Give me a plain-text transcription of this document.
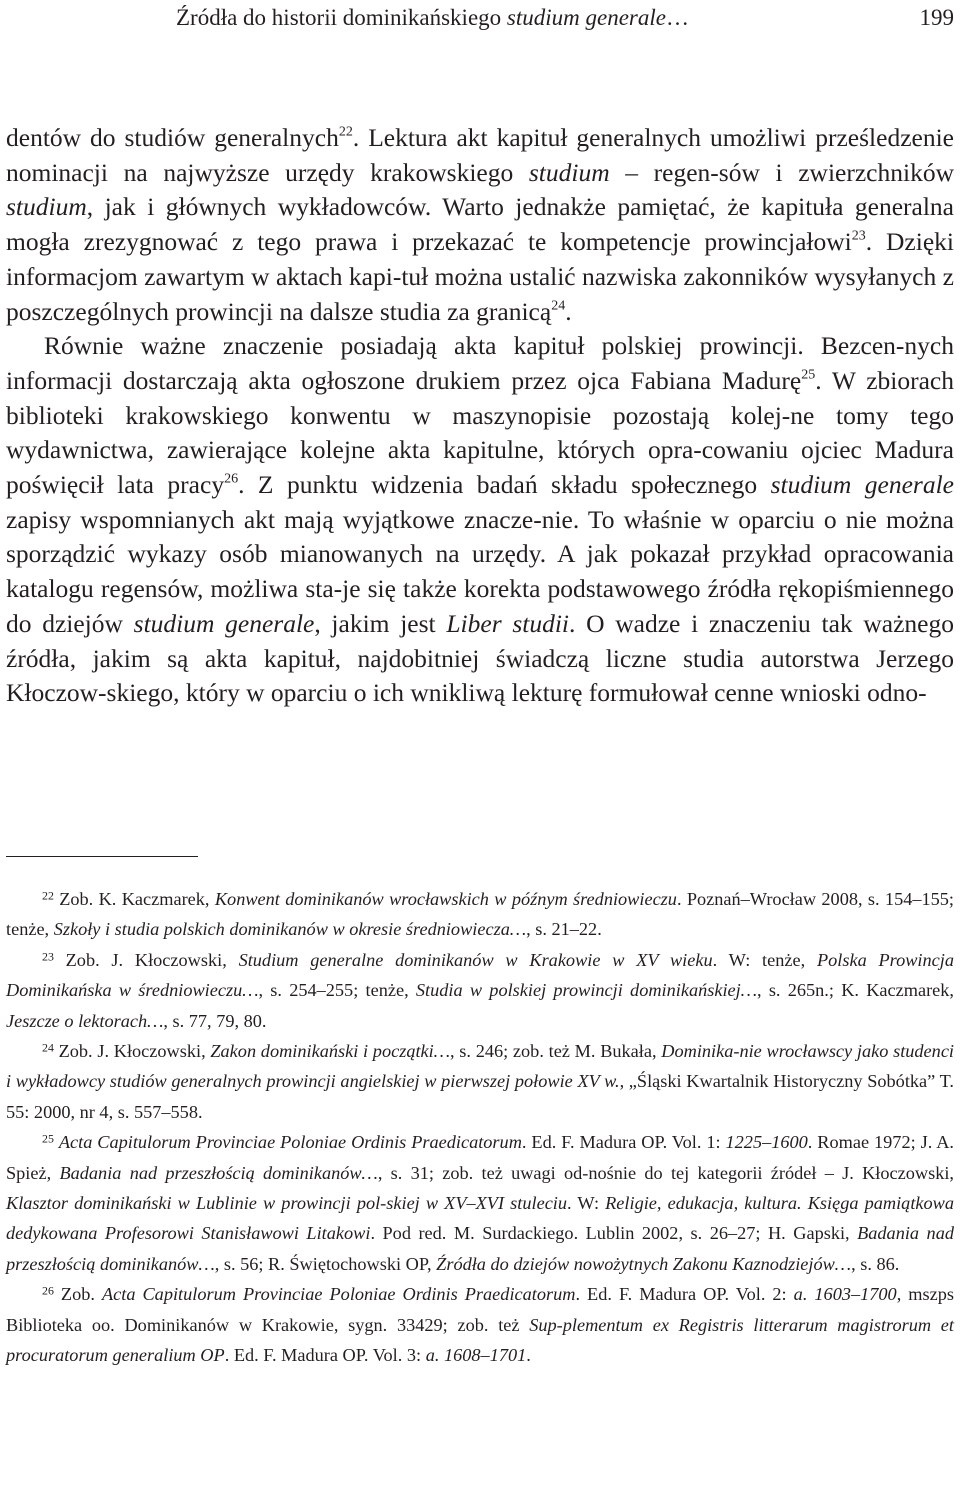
Źródła do historii dominikańskiego studium generale…	199

dentów do studiów generalnych$^{22}$. Lektura akt kapituł generalnych umożliwi prześledzenie nominacji na najwyższe urzędy krakowskiego studium – regen-sów i zwierzchników studium, jak i głównych wykładowców. Warto jednakże pamiętać, że kapituła generalna mogła zrezygnować z tego prawa i przekazać te kompetencje prowincjałowi$^{23}$. Dzięki informacjom zawartym w aktach kapi-tuł można ustalić nazwiska zakonników wysyłanych z poszczególnych prowincji na dalsze studia za granicą$^{24}$.

Równie ważne znaczenie posiadają akta kapituł polskiej prowincji. Bezcen-nych informacji dostarczają akta ogłoszone drukiem przez ojca Fabiana Madurę$^{25}$. W zbiorach biblioteki krakowskiego konwentu w maszynopisie pozostają kolej-ne tomy tego wydawnictwa, zawierające kolejne akta kapitulne, których opra-cowaniu ojciec Madura poświęcił lata pracy$^{26}$. Z punktu widzenia badań składu społecznego studium generale zapisy wspomnianych akt mają wyjątkowe znacze-nie. To właśnie w oparciu o nie można sporządzić wykazy osób mianowanych na urzędy. A jak pokazał przykład opracowania katalogu regensów, możliwa sta-je się także korekta podstawowego źródła rękopiśmiennego do dziejów studium generale, jakim jest Liber studii. O wadze i znaczeniu tak ważnego źródła, jakim są akta kapituł, najdobitniej świadczą liczne studia autorstwa Jerzego Kłoczow-skiego, który w oparciu o ich wnikliwą lekturę formułował cenne wnioski odno-

$^{22}$ Zob. K. Kaczmarek, Konwent dominikanów wrocławskich w późnym średniowieczu. Poznań–Wrocław 2008, s. 154–155; tenże, Szkoły i studia polskich dominikanów w okresie średniowiecza…, s. 21–22.

$^{23}$ Zob. J. Kłoczowski, Studium generalne dominikanów w Krakowie w XV wieku. W: tenże, Polska Prowincja Dominikańska w średniowieczu…, s. 254–255; tenże, Studia w polskiej prowincji dominikańskiej…, s. 265n.; K. Kaczmarek, Jeszcze o lektorach…, s. 77, 79, 80.

$^{24}$ Zob. J. Kłoczowski, Zakon dominikański i początki…, s. 246; zob. też M. Bukała, Dominika-nie wrocławscy jako studenci i wykładowcy studiów generalnych prowincji angielskiej w pierwszej połowie XV w., „Śląski Kwartalnik Historyczny Sobótka” T. 55: 2000, nr 4, s. 557–558.

$^{25}$ Acta Capitulorum Provinciae Poloniae Ordinis Praedicatorum. Ed. F. Madura OP. Vol. 1: 1225–1600. Romae 1972; J. A. Spież, Badania nad przeszłością dominikanów…, s. 31; zob. też uwagi od-nośnie do tej kategorii źródeł – J. Kłoczowski, Klasztor dominikański w Lublinie w prowincji pol-skiej w XV–XVI stuleciu. W: Religie, edukacja, kultura. Księga pamiątkowa dedykowana Profesorowi Stanisławowi Litakowi. Pod red. M. Surdackiego. Lublin 2002, s. 26–27; H. Gapski, Badania nad przeszłością dominikanów…, s. 56; R. Świętochowski OP, Źródła do dziejów nowożytnych Zakonu Kaznodziejów…, s. 86.

$^{26}$ Zob. Acta Capitulorum Provinciae Poloniae Ordinis Praedicatorum. Ed. F. Madura OP. Vol. 2: a. 1603–1700, mszps Biblioteka oo. Dominikanów w Krakowie, sygn. 33429; zob. też Sup-plementum ex Registris litterarum magistrorum et procuratorum generalium OP. Ed. F. Madura OP. Vol. 3: a. 1608–1701.
